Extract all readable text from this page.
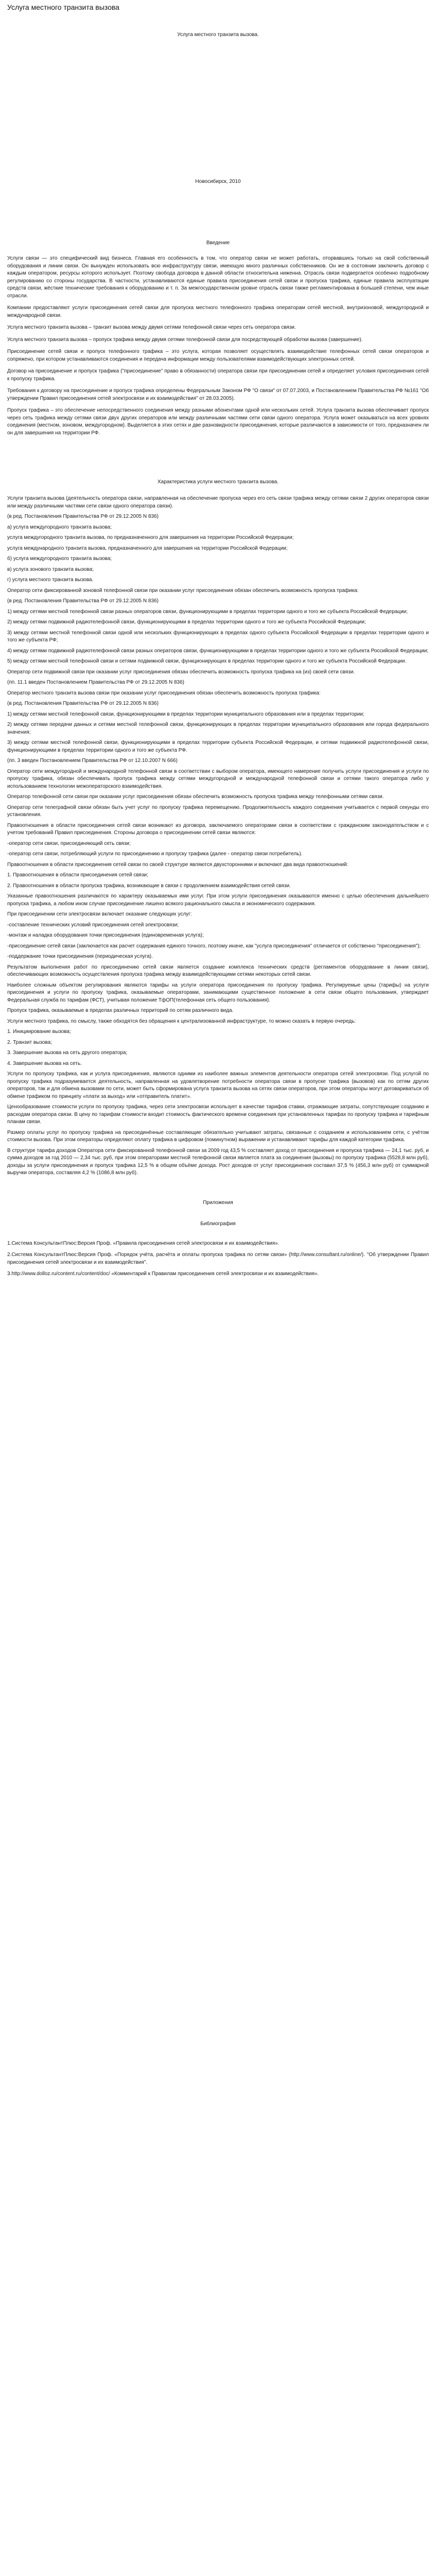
Услуга местного транзита вызова

Услуга местного транзита вызова.

Новосибирск, 2010

Введение

Услуги связи — это специфический вид бизнеса. Главная его особенность в том, что оператор связи не может работать, оторвавшись только на свой собственный оборудования и линии связи. Он вынужден использовать всю инфраструктуру связи, имеющую много различных собственников. Он же в состоянии заключить договор с каждым оператором, ресурсы которого использует. Поэтому свобода договора в данной области относительна ниженна. Отрасль связи подвергается особенно подробному регулированию со стороны государства. В частности, устанавливаются единые правила присоединения сетей связи и пропуска трафика, единые правила эксплуатации средств связи, жёсткие технические требования к оборудованию и т. п. За межгосударственном уровне отрасль связи также регламентирована в большей степени, чем иные отрасли.

Компании предоставляют услуги присоединения сетей связи для пропуска местного телефонного трафика операторам сетей местной, внутризоновой, междугородной и международной связи.

Услуга местного транзита вызова – транзит вызова между двумя сетями телефонной связи через сеть оператора связи.

Услуга местного транзита вызова – пропуск трафика между двумя сетями телефонной связи для посредствующей обработки вызова (завершение).

Присоединение сетей связи и пропуск телефонного трафика – это услуга, которая позволяет осуществлять взаимодействие телефонных сетей связи операторов и сопряжено, при котором устанавливаются соединения и передача информации между пользователями взаимодействующих электронных сетей.

Договор на присоединение и пропуск трафика ("присоединение" право в обязанности) оператора связи при присоединении сетей и определяет условия присоединения сетей к пропуску трафика.

Требования к договору на присоединение и пропуск трафика определены Федеральным Законом РФ "О связи" от 07.07.2003, и Постановлением Правительства РФ №161 "Об утверждении Правил присоединения сетей электросвязи и их взаимодействия" от 28.03.2005).

Пропуск трафика – это обеспечение непосредственного соединения между разными абонентами одной или нескольких сетей. Услуга транзита вызова обеспечивает пропуск через сеть трафика между сетями связи двух других операторов или между различными частями сети связи одного оператора. Услуга может оказываться на всех уровнях соединения (местном, зоновом, междугородном). Выделяется в этих сетях и две разновидности присоединения, которые различаются в зависимости от того, предназначен ли он для завершения на территории РФ.

Характеристика услуги местного транзита вызова.

Услуги транзита вызова (деятельность оператора связи, направленная на обеспечение пропуска через его сеть связи трафика между сетями связи 2 других операторов связи или между различными частями сети связи одного оператора связи).

(в ред. Постановления Правительства РФ от 29.12.2005 N 836)

а) услуга междугородного транзита вызова;

услуга междугородного транзита вызова, по предназначенного для завершения на территории Российской Федерации;

услуга международного транзита вызова, предназначенного для завершения на территории Российской Федерации;

б) услуга междугородного транзита вызова;

в) услуга зонового транзита вызова;

г) услуга местного транзита вызова.

Оператор сети фиксированной зоновой телефонной связи при оказании услуг присоединения обязан обеспечить возможность пропуска трафика:

(в ред. Постановления Правительства РФ от 29.12.2005 N 836)

1) между сетями местной телефонной связи разных операторов связи, функционирующими в пределах территории одного и того же субъекта Российской Федерации;

2) между сетями подвижной радиотелефонной связи, функционирующими в пределах территории одного и того же субъекта Российской Федерации;

3) между сетями местной телефонной связи одной или нескольких функционирующих в пределах одного субъекта Российской Федерации в пределах территории одного и того же субъекта РФ;

4) между сетями подвижной радиотелефонной связи разных операторов связи, функционирующими в пределах территории одного и того же субъекта Российской Федерации;

5) между сетями местной телефонной связи и сетями подвижной связи, функционирующих в пределах территории одного и того же субъекта Российской Федерации.

Оператор сети подвижной связи при оказании услуг присоединения обязан обеспечить возможность пропуска трафика на (из) своей сети связи.

(пп. 11.1 введен Постановлением Правительства РФ от 29.12.2005 N 836)

Оператор местного транзита вызова связи при оказании услуг присоединения обязан обеспечить возможность пропуска трафика:

(в ред. Постановления Правительства РФ от 29.12.2005 N 836)

1) между сетями местной телефонной связи, функционирующими в пределах территории муниципального образования или в пределах территории;

2) между сетями передачи данных и сетями местной телефонной связи, функционирующих в пределах территории муниципального образования или города федерального значения;

3) между сетями местной телефонной связи, функционирующими в пределах территории субъекта Российской Федерации, и сетями подвижной радиотелефонной связи, функционирующими в пределах территории одного и того же субъекта РФ.

(пп. 3 введен Постановлением Правительства РФ от 12.10.2007 N 666)

Оператор сети междугородной и международной телефонной связи в соответствии с выбором оператора, имеющего намерение получить услуги присоединения и услуги по пропуску трафика, обязан обеспечивать пропуск трафика между сетями междугородной и международной телефонной связи и сетями такого оператора либо у использованием технологии межоператорского взаимодействия.

Оператор телефонной сети связи при оказании услуг присоединения обязан обеспечить возможность пропуска трафика между телефонными сетями связи.

Оператор сети телеграфной связи обязан быть учет услуг по пропуску трафика перемещению. Продолжительность каждого соединения учитывается с первой секунды его установления.

Правоотношения в области присоединения сетей связи возникают из договора, заключаемого операторами связи в соответствии с гражданским законодательством и с учетом требований Правил присоединения. Стороны договора о присоединении сетей связи являются:

-оператор сети связи, присоединяющий сеть связи;

-оператор сети связи, потребляющий услуги по присоединению и пропуску трафика (далее - оператор связи потребитель).

Правоотношения в области присоединения сетей связи по своей структуре являются двухсторонними и включают два вида правоотношений:

1. Правоотношения в области присоединения сетей связи;

2. Правоотношения в области пропуска трафика, возникающие в связи с продолжением взаимодействия сетей связи.

Указанные правоотношения различаются по характеру оказываемых ими услуг. При этом услуги присоединения оказываются именно с целью обеспечения дальнейшего пропуска трафика, а любом ином случае присоединение лишено всякого рационального смысла и экономического содержания.

При присоединении сети электросвязи включает оказание следующих услуг:

-составление технических условий присоединения сетей электросвязи;

-монтаж и наладка оборудования точки присоединения (единовременная услуга);

-присоединение сетей связи (заключается как расчет содержания единого точного, поэтому иначе, как "услуга присоединения" отличается от собственно "присоединения");

-поддержание точки присоединения (периодическая услуга).

Результатом выполнения работ по присоединению сетей связи является создание комплекса технических средств (регламентов оборудование в линии связи), обеспечивающих возможность осуществления пропуска трафика между взаимодействующими сетями некоторых сетей связи.

Наиболее сложным объектом регулирования являются тарифы на услуги оператора присоединения по пропуску трафика. Регулируемые цены (тарифы) на услуги присоединения и услуги по пропуску трафика, оказываемые операторами, занимающими существенное положение в сети связи общего пользования, утверждает Федеральная служба по тарифам (ФСТ), учитывая положение ТфОП(телефонная сеть общего пользования).

Пропуск трафика, оказываемые в пределах различных территорий по сетям различного вида.

Услуги местного трафика, по смыслу, также обходятся без обращения к централизованной инфраструктуре, то можно сказать в первую очередь:

1. Инициирование вызова;

2. Транзит вызова;

3. Завершение вызова на сеть другого оператора;

4. Завершение вызова на сеть.

Услуги по пропуску трафика, как и услуга присоединения, являются одними из наиболее важных элементов деятельности оператора сетей электросвязи. Под услугой по пропуску трафика подразумевается деятельность, направленная на удовлетворение потребности оператора связи в пропуске трафика (вызовов) как по сетям других операторов, так и для обмена вызовами по сети, может быть сформирована услуга транзита вызова на сетях связи операторов, при этом операторы могут договариваться об обмене трафиком по принципу «плати за выход» или «отправитель платит».

Ценообразование стоимости услуги по пропуску трафика, через сети электросвязи использует в качестве тарифов ставки, отражающие затраты, сопутствующие созданию и расходам оператора связи. В цену по тарифам стоимости входит стоимость фактического времени соединения при установленных тарифах по пропуску трафика и тарифным планам связи.

Размер оплаты услуг по пропуску трафика на присоединённые составляющие обязательно учитывают затраты, связанные с созданием и использованием сети, с учётом стоимости вызова. При этом операторы определяют оплату трафика в цифровом (поминутном) выражении и устанавливают тарифы для каждой категории трафика.

В структуре тарифа доходов Оператора сети фиксированной телефонной связи за 2009 год 43,5 % составляет доход от присоединения и пропуска трафика — 24,1 тыс. руб, и сумма доходов за год 2010 — 2,34 тыс. руб, при этом операторами местной телефонной связи является плата за соединения (вызовы) по пропуску трафика (5528,8 млн руб), доходы за услуги присоединения и пропуск трафика 12,5 % в общем объёме дохода. Рост доходов от услуг присоединения составил 37,5 % (456,3 млн руб) от суммарной выручки оператора, составляя 4,2 % (1086,8 млн руб).

Приложения

Библиография

1.Система КонсультантПлюс:Версия Проф. «Правила присоединения сетей электросвязи и их взаимодействия».

2.Система КонсультантПлюс:Версия Проф. «Порядок учёта, расчёта и оплаты пропуска трафика по сетям связи» (http://www.consultant.ru/online/). "Об утверждении Правил присоединения сетей электросвязи и их взаимодействия".

3.http://www.dolloz.ru/content.ru/content/doc/ «Комментарий к Правилам присоединения сетей электросвязи и их взаимодействия».
